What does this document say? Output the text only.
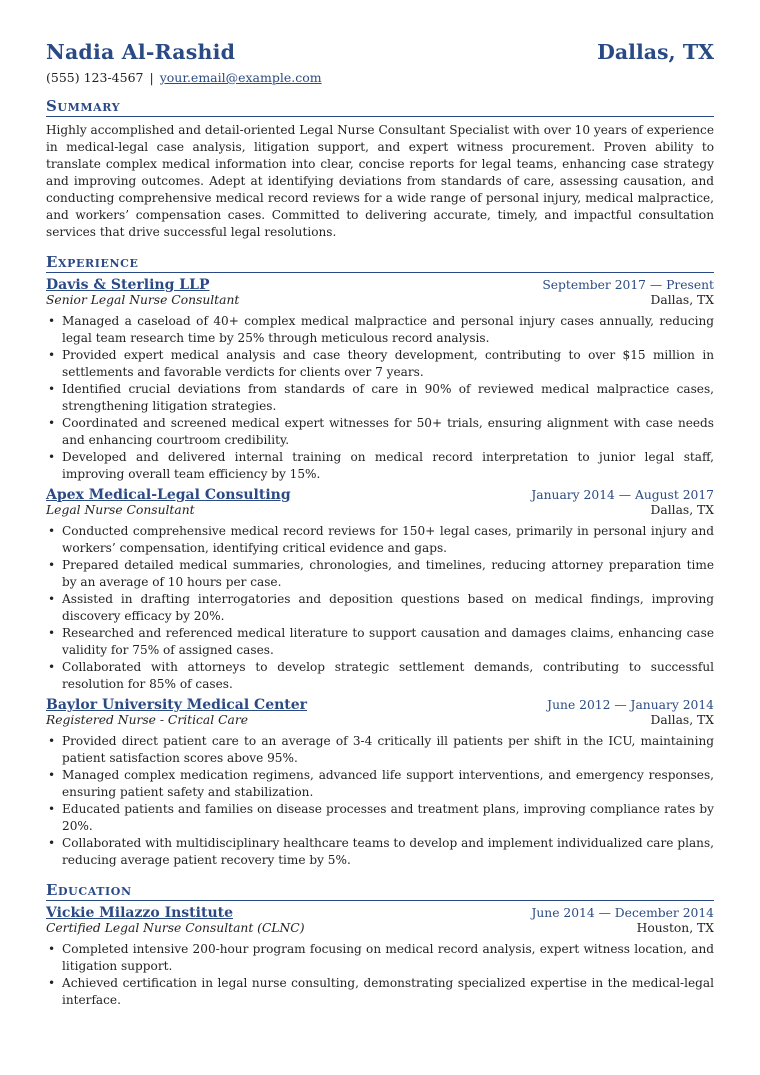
Nadia Al-Rashid	Dallas, TX
(555) 123-4567 | your.email@example.com
Summary
Highly accomplished and detail-oriented Legal Nurse Consultant Specialist with over 10 years of experience in medical-legal case analysis, litigation support, and expert witness procurement. Proven ability to translate complex medical information into clear, concise reports for legal teams, enhancing case strategy and improving outcomes. Adept at identifying deviations from standards of care, assessing causation, and conducting comprehensive medical record reviews for a wide range of personal injury, medical malpractice, and workers’ compensation cases. Committed to delivering accurate, timely, and impactful consultation services that drive successful legal resolutions.
Experience
Davis & Sterling LLP	September 2017 — Present
Senior Legal Nurse Consultant	Dallas, TX
• Managed a caseload of 40+ complex medical malpractice and personal injury cases annually, reducing legal team research time by 25% through meticulous record analysis.
• Provided expert medical analysis and case theory development, contributing to over $15 million in settlements and favorable verdicts for clients over 7 years.
• Identified crucial deviations from standards of care in 90% of reviewed medical malpractice cases, strengthening litigation strategies.
• Coordinated and screened medical expert witnesses for 50+ trials, ensuring alignment with case needs and enhancing courtroom credibility.
• Developed and delivered internal training on medical record interpretation to junior legal staff, improving overall team efficiency by 15%.
Apex Medical-Legal Consulting	January 2014 — August 2017
Legal Nurse Consultant	Dallas, TX
• Conducted comprehensive medical record reviews for 150+ legal cases, primarily in personal injury and workers’ compensation, identifying critical evidence and gaps.
• Prepared detailed medical summaries, chronologies, and timelines, reducing attorney preparation time by an average of 10 hours per case.
• Assisted in drafting interrogatories and deposition questions based on medical findings, improving discovery efficacy by 20%.
• Researched and referenced medical literature to support causation and damages claims, enhancing case validity for 75% of assigned cases.
• Collaborated with attorneys to develop strategic settlement demands, contributing to successful resolution for 85% of cases.
Baylor University Medical Center	June 2012 — January 2014
Registered Nurse - Critical Care	Dallas, TX
• Provided direct patient care to an average of 3-4 critically ill patients per shift in the ICU, maintaining patient satisfaction scores above 95%.
• Managed complex medication regimens, advanced life support interventions, and emergency responses, ensuring patient safety and stabilization.
• Educated patients and families on disease processes and treatment plans, improving compliance rates by 20%.
• Collaborated with multidisciplinary healthcare teams to develop and implement individualized care plans, reducing average patient recovery time by 5%.
Education
Vickie Milazzo Institute	June 2014 — December 2014
Certified Legal Nurse Consultant (CLNC)	Houston, TX
• Completed intensive 200-hour program focusing on medical record analysis, expert witness location, and litigation support.
• Achieved certification in legal nurse consulting, demonstrating specialized expertise in the medical-legal interface.
